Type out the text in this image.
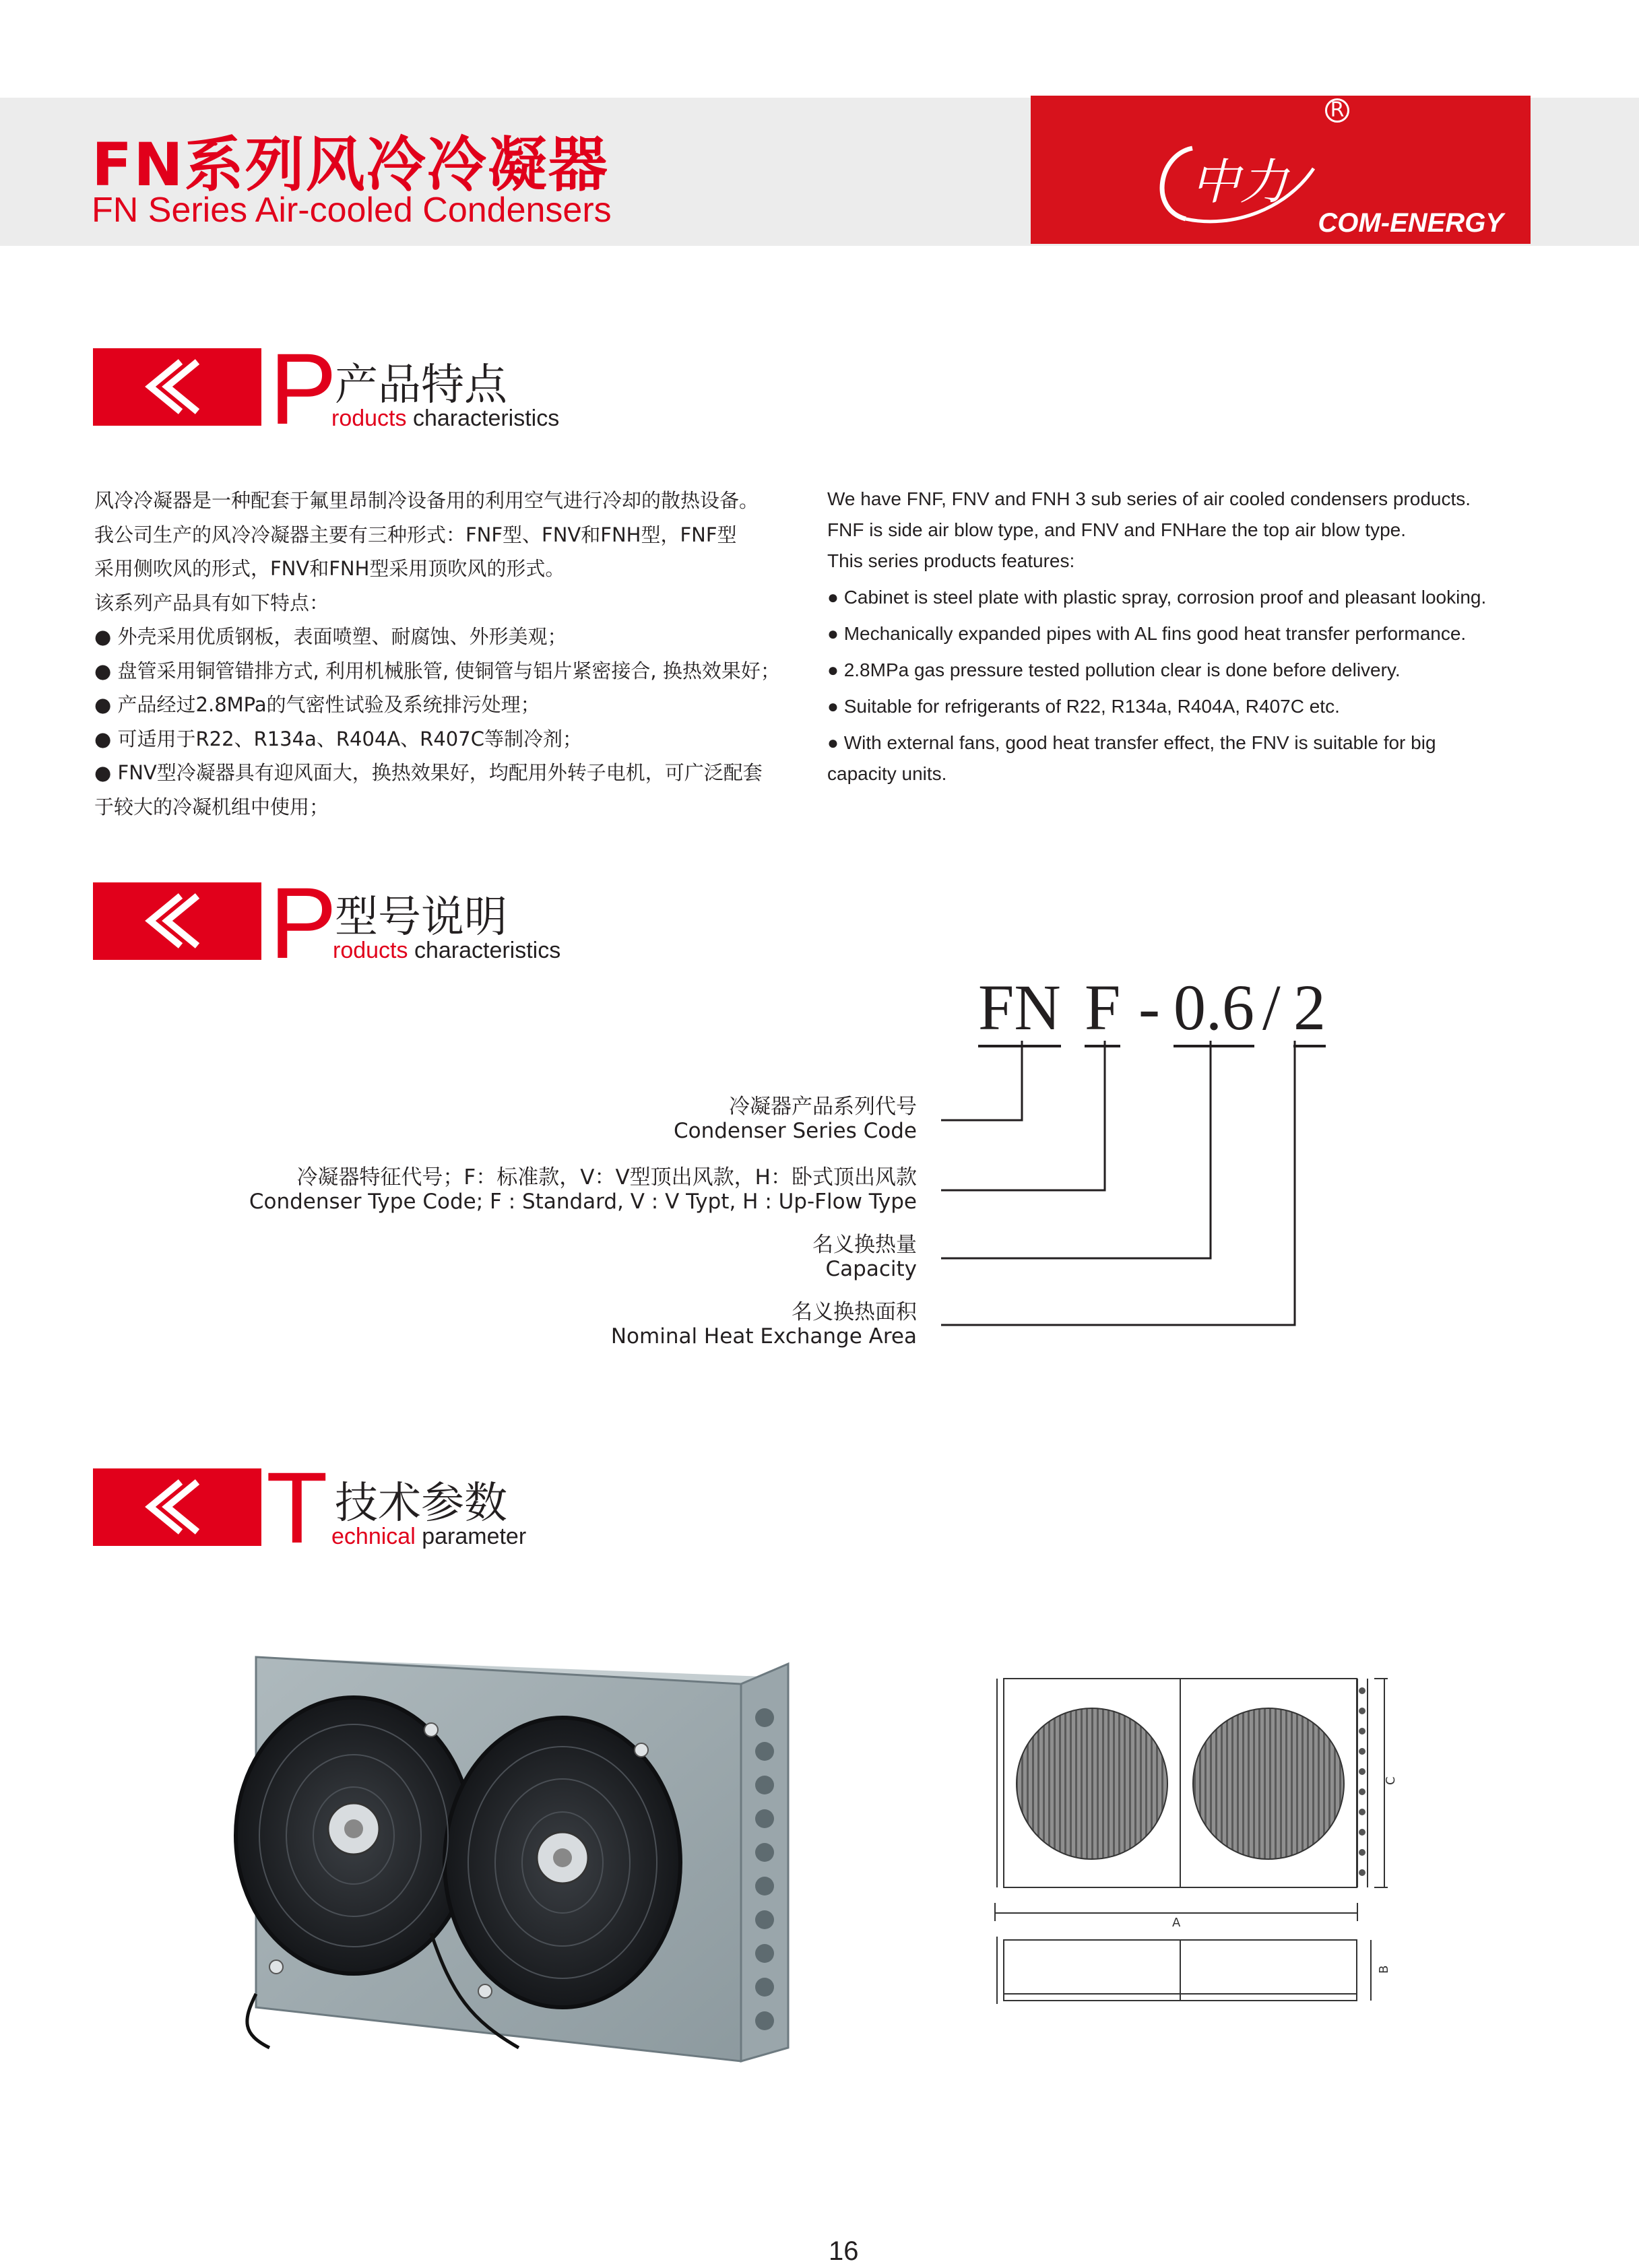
FN系列风冷冷凝器
FN Series Air-cooled Condensers	中力
R
COM-ENERGY
P
产品特点
roducts characteristics

风冷冷凝器是一种配套于氟里昂制冷设备用的利用空气进行冷却的散热设备。

我公司生产的风冷冷凝器主要有三种形式：FNF型、FNV和FNH型，FNF型

采用侧吹风的形式，FNV和FNH型采用顶吹风的形式。

该系列产品具有如下特点：

● 外壳采用优质钢板，表面喷塑、耐腐蚀、外形美观；

● 盘管采用铜管错排方式, 利用机械胀管, 使铜管与铝片紧密接合, 换热效果好；

● 产品经过2.8MPa的气密性试验及系统排污处理；

● 可适用于R22、R134a、R404A、R407C等制冷剂；

● FNV型冷凝器具有迎风面大，换热效果好，均配用外转子电机，可广泛配套

于较大的冷凝机组中使用；

We have FNF, FNV and FNH 3 sub series of air cooled condensers products.

FNF is side air blow type, and FNV and FNHare the top air blow type.

This series products features:

● Cabinet is steel plate with plastic spray, corrosion proof and pleasant looking.

● Mechanically expanded pipes with AL fins good heat transfer performance.

● 2.8MPa gas pressure tested pollution clear is done before delivery.

● Suitable for refrigerants of R22, R134a, R404A, R407C etc.

● With external fans, good heat transfer effect, the FNV is suitable for big

capacity units.

P
型号说明
roducts characteristics
FN F - 0.6 / 2
冷凝器产品系列代号
Condenser Series Code
冷凝器特征代号；F：标准款，V：V型顶出风款，H：卧式顶出风款
Condenser Type Code; F : Standard, V : V Typt, H : Up-Flow Type
名义换热量
Capacity
名义换热面积
Nominal Heat Exchange Area
T 技术参数
echnical parameter
A
B
C
16
